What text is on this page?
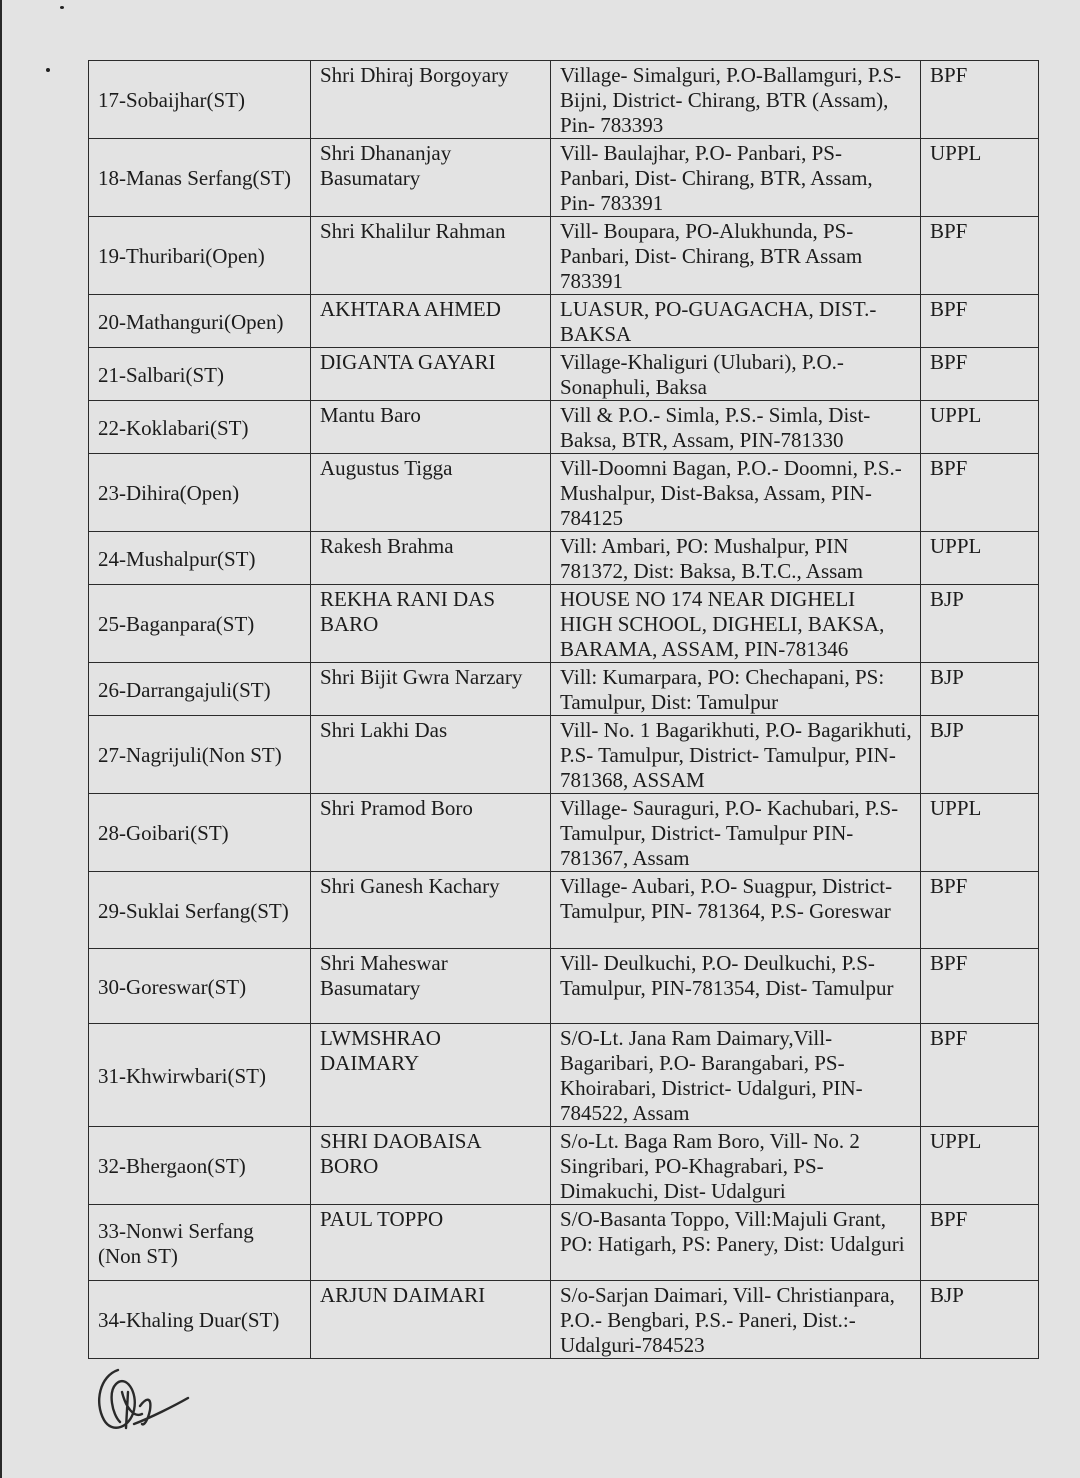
17-Sobaijhar(ST)	Shri Dhiraj Borgoyary	Village- Simalguri, P.O-Ballamguri, P.S- Bijni, District- Chirang, BTR (Assam), Pin- 783393	BPF
18-Manas Serfang(ST)	Shri Dhananjay Basumatary	Vill- Baulajhar, P.O- Panbari, PS- Panbari, Dist- Chirang, BTR, Assam, Pin- 783391	UPPL
19-Thuribari(Open)	Shri Khalilur Rahman	Vill- Boupara, PO-Alukhunda, PS- Panbari, Dist- Chirang, BTR Assam 783391	BPF
20-Mathanguri(Open)	AKHTARA AHMED	LUASUR, PO-GUAGACHA, DIST.- BAKSA	BPF
21-Salbari(ST)	DIGANTA GAYARI	Village-Khaliguri (Ulubari), P.O.- Sonaphuli, Baksa	BPF
22-Koklabari(ST)	Mantu Baro	Vill & P.O.- Simla, P.S.- Simla, Dist- Baksa, BTR, Assam, PIN-781330	UPPL
23-Dihira(Open)	Augustus Tigga	Vill-Doomni Bagan, P.O.- Doomni, P.S.-Mushalpur, Dist-Baksa, Assam, PIN-784125	BPF
24-Mushalpur(ST)	Rakesh Brahma	Vill: Ambari, PO: Mushalpur, PIN 781372, Dist: Baksa, B.T.C., Assam	UPPL
25-Baganpara(ST)	REKHA RANI DAS BARO	HOUSE NO 174 NEAR DIGHELI HIGH SCHOOL, DIGHELI, BAKSA, BARAMA, ASSAM, PIN-781346	BJP
26-Darrangajuli(ST)	Shri Bijit Gwra Narzary	Vill: Kumarpara, PO: Chechapani, PS: Tamulpur, Dist: Tamulpur	BJP
27-Nagrijuli(Non ST)	Shri Lakhi Das	Vill- No. 1 Bagarikhuti, P.O- Bagarikhuti, P.S- Tamulpur, District- Tamulpur, PIN- 781368, ASSAM	BJP
28-Goibari(ST)	Shri Pramod Boro	Village- Sauraguri, P.O- Kachubari, P.S- Tamulpur, District- Tamulpur PIN- 781367, Assam	UPPL
29-Suklai Serfang(ST)	Shri Ganesh Kachary	Village- Aubari, P.O- Suagpur, District- Tamulpur, PIN- 781364, P.S- Goreswar	BPF
30-Goreswar(ST)	Shri Maheswar Basumatary	Vill- Deulkuchi, P.O- Deulkuchi, P.S- Tamulpur, PIN-781354, Dist- Tamulpur	BPF
31-Khwirwbari(ST)	LWMSHRAO DAIMARY	S/O-Lt. Jana Ram Daimary,Vill- Bagaribari, P.O- Barangabari, PS- Khoirabari, District- Udalguri, PIN- 784522, Assam	BPF
32-Bhergaon(ST)	SHRI DAOBAISA BORO	S/o-Lt. Baga Ram Boro, Vill- No. 2 Singribari, PO-Khagrabari, PS- Dimakuchi, Dist- Udalguri	UPPL
33-Nonwi Serfang (Non ST)	PAUL TOPPO	S/O-Basanta Toppo, Vill:Majuli Grant, PO: Hatigarh, PS: Panery, Dist: Udalguri	BPF
34-Khaling Duar(ST)	ARJUN DAIMARI	S/o-Sarjan Daimari, Vill- Christianpara, P.O.- Bengbari, P.S.- Paneri, Dist.:- Udalguri-784523	BJP
